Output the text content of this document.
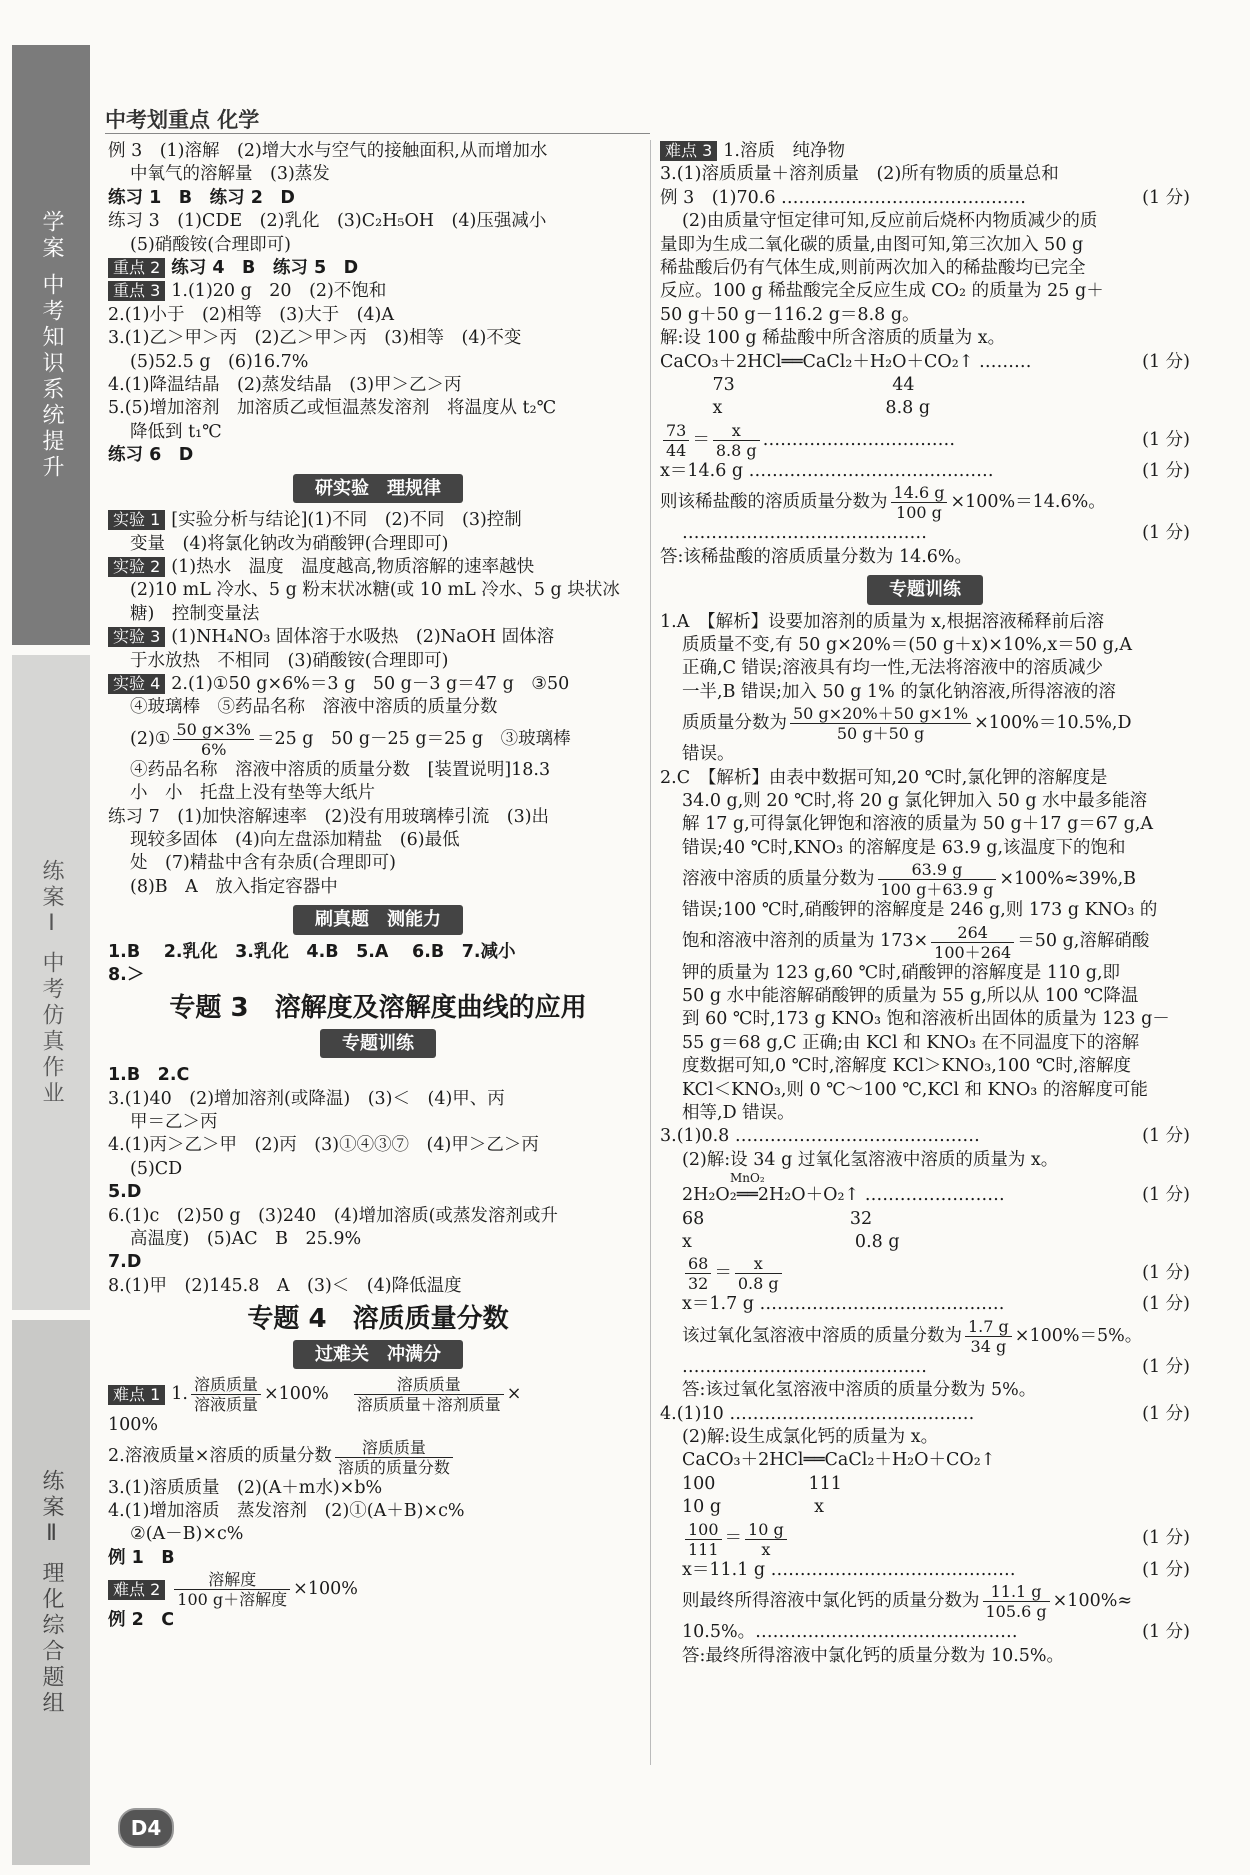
学案 中考知识系统提升
练案Ⅰ 中考仿真作业
练案Ⅱ 理化综合题组
中考划重点 化学

例 3　(1)溶解　(2)增大水与空气的接触面积,从而增加水

中氧气的溶解量　(3)蒸发

练习 1　B　练习 2　D

练习 3　(1)CDE　(2)乳化　(3)C₂H₅OH　(4)压强减小

(5)硝酸铵(合理即可)

重点 2 练习 4　B　练习 5　D

重点 3 1.(1)20 g　20　(2)不饱和

2.(1)小于　(2)相等　(3)大于　(4)A

3.(1)乙＞甲＞丙　(2)乙＞甲＞丙　(3)相等　(4)不变

(5)52.5 g　(6)16.7%

4.(1)降温结晶　(2)蒸发结晶　(3)甲＞乙＞丙

5.(5)增加溶剂　加溶质乙或恒温蒸发溶剂　将温度从 t₂℃

降低到 t₁℃

练习 6　D

研实验　理规律

实验 1 [实验分析与结论](1)不同　(2)不同　(3)控制

变量　(4)将氯化钠改为硝酸钾(合理即可)

实验 2 (1)热水　温度　温度越高,物质溶解的速率越快

(2)10 mL 冷水、5 g 粉末状冰糖(或 10 mL 冷水、5 g 块状冰

糖)　控制变量法

实验 3 (1)NH₄NO₃ 固体溶于水吸热　(2)NaOH 固体溶

于水放热　不相同　(3)硝酸铵(合理即可)

实验 4 2.(1)①50 g×6%＝3 g　50 g－3 g＝47 g　③50

④玻璃棒　⑤药品名称　溶液中溶质的质量分数

(2)① $\frac{50 g\times 3\%}{6\%} =25$ g　50 g－25 g＝25 g　③玻璃棒

④药品名称　溶液中溶质的质量分数　[装置说明]18.3

小　小　托盘上没有垫等大纸片

练习 7　(1)加快溶解速率　(2)没有用玻璃棒引流　(3)出

现较多固体　(4)向左盘添加精盐　(6)最低

处　(7)精盐中含有杂质(合理即可)

(8)B　A　放入指定容器中

刷真题　测能力

1.B　 2.乳化　3.乳化　4.B　5.A　 6.B　7.减小

8.＞

专题 3　溶解度及溶解度曲线的应用
专题训练

1.B　2.C

3.(1)40　(2)增加溶剂(或降温)　(3)＜　(4)甲、丙

甲＝乙＞丙

4.(1)丙＞乙＞甲　(2)丙　(3)①④③⑦　(4)甲＞乙＞丙

(5)CD

5.D

6.(1)c　(2)50 g　(3)240　(4)增加溶质(或蒸发溶剂或升

高温度)　(5)AC　B　25.9%

7.D

8.(1)甲　(2)145.8　A　(3)＜　(4)降低温度

专题 4　溶质质量分数
过难关　冲满分
难点 1 1. $\frac{\text{溶质质量}}{\text{溶液质量}} \times 100\% \frac{\text{溶质质量}}{\text{溶质质量＋溶剂质量}}$ ×

100%

2.溶液质量×溶质的质量分数 $\frac{\text{溶质质量}}{\text{溶质的质量分数}}$

3.(1)溶质质量　(2)(A＋m水)×b%

4.(1)增加溶质　蒸发溶剂　(2)①(A＋B)×c%

②(A－B)×c%

例 1　B

难点 $2 \frac{\text{溶解度}}{\text{100 g＋溶解度}} \times 100\%$

例 2　C

难点 3 1.溶质　纯净物

3.(1)溶质质量＋溶剂质量　(2)所有物质的质量总和

例 3　(1)70.6 ……………………………………	(1 分)

(2)由质量守恒定律可知,反应前后烧杯内物质减少的质

量即为生成二氧化碳的质量,由图可知,第三次加入 50 g

稀盐酸后仍有气体生成,则前两次加入的稀盐酸均已完全

反应。100 g 稀盐酸完全反应生成 CO₂ 的质量为 25 g＋

50 g＋50 g－116.2 g＝8.8 g。

解:设 100 g 稀盐酸中所含溶质的质量为 x。

CaCO₃＋2HCl══CaCl₂＋H₂O＋CO₂↑ ………	(1 分)

　　　73　　　　　　　　　44

　　　x　　　　　　　　　 8.8 g

$\frac{73}{44} = \frac{x}{8.8 g}$ ……………………………	(1 分)
x＝14.6 g ……………………………………	(1 分)
则该稀盐酸的溶质质量分数为 $\frac{14.6 g}{100 g} \times 100\%=14.6\%$。
……………………………………	(1 分)

答:该稀盐酸的溶质质量分数为 14.6%。

专题训练

1.A　【解析】设要加溶剂的质量为 x,根据溶液稀释前后溶

质质量不变,有 50 g×20%＝(50 g＋x)×10%,x＝50 g,A

正确,C 错误;溶液具有均一性,无法将溶液中的溶质减少

一半,B 错误;加入 50 g 1% 的氯化钠溶液,所得溶液的溶

质质量分数为 $\frac{50 g\times 20\%+50 g\times 1\%}{50 g+50 g} \times 100\%=10.5\%,D$

错误。

2.C　【解析】由表中数据可知,20 ℃时,氯化钾的溶解度是

34.0 g,则 20 ℃时,将 20 g 氯化钾加入 50 g 水中最多能溶

解 17 g,可得氯化钾饱和溶液的质量为 50 g＋17 g＝67 g,A

错误;40 ℃时,KNO₃ 的溶解度是 63.9 g,该温度下的饱和

溶液中溶质的质量分数为 $\frac{63.9 g}{100 g+63.9 g} \times 100\%\approx 39\%,B$

错误;100 ℃时,硝酸钾的溶解度是 246 g,则 173 g KNO₃ 的

饱和溶液中溶剂的质量为 $173\times \frac{264}{100+264} =50$ g,溶解硝酸

钾的质量为 123 g,60 ℃时,硝酸钾的溶解度是 110 g,即

50 g 水中能溶解硝酸钾的质量为 55 g,所以从 100 ℃降温

到 60 ℃时,173 g KNO₃ 饱和溶液析出固体的质量为 123 g－

55 g＝68 g,C 正确;由 KCl 和 KNO₃ 在不同温度下的溶解

度数据可知,0 ℃时,溶解度 KCl＞KNO₃,100 ℃时,溶解度

KCl＜KNO₃,则 0 ℃～100 ℃,KCl 和 KNO₃ 的溶解度可能

相等,D 错误。

3.(1)0.8 ……………………………………	(1 分)

(2)解:设 34 g 过氧化氢溶液中溶质的质量为 x。

MnO₂

2H₂O₂══2H₂O＋O₂↑ ……………………	(1 分)

68　　　　　　　　 32

x　　　　　　　　　 0.8 g

$\frac{68}{32} = \frac{x}{0.8 g}$	(1 分)
x＝1.7 g ……………………………………	(1 分)
该过氧化氢溶液中溶质的质量分数为 $\frac{1.7 g}{34 g} \times 100\%=5\%$。
……………………………………	(1 分)

答:该过氧化氢溶液中溶质的质量分数为 5%。

4.(1)10 ……………………………………	(1 分)

(2)解:设生成氯化钙的质量为 x。

CaCO₃＋2HCl══CaCl₂＋H₂O＋CO₂↑

100　　　　　 111

10 g　　　　　 x

$\frac{100}{111} = \frac{10 g}{x}$	(1 分)
x＝11.1 g ……………………………………	(1 分)
则最终所得溶液中氯化钙的质量分数为 $\frac{11.1 g}{105.6 g} \times 100\%\approx$
10.5%。………………………………………	(1 分)

答:最终所得溶液中氯化钙的质量分数为 10.5%。

D4
